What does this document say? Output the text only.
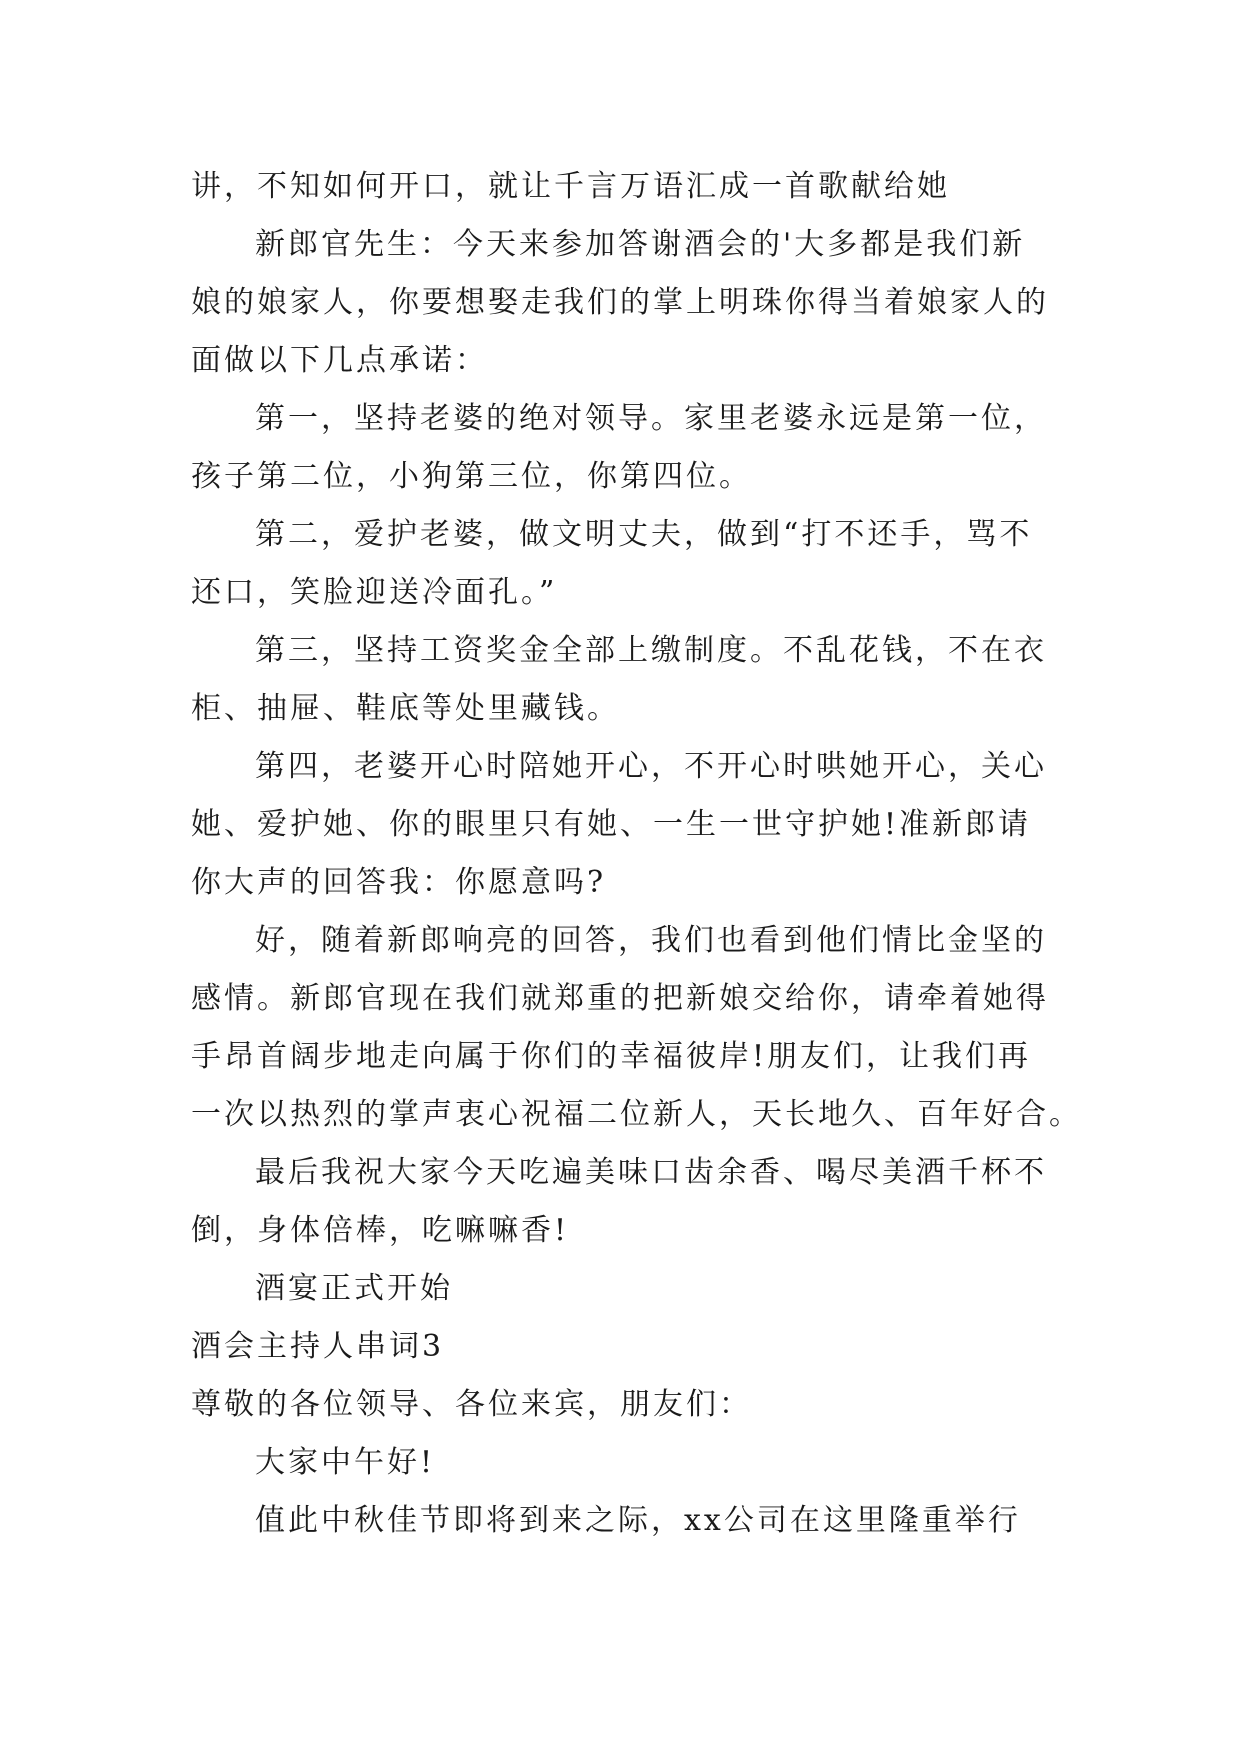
讲，不知如何开口，就让千言万语汇成一首歌献给她

新郎官先生：今天来参加答谢酒会的'大多都是我们新

娘的娘家人，你要想娶走我们的掌上明珠你得当着娘家人的

面做以下几点承诺：

第一，坚持老婆的绝对领导。家里老婆永远是第一位，

孩子第二位，小狗第三位，你第四位。

第二，爱护老婆，做文明丈夫，做到“打不还手，骂不

还口，笑脸迎送冷面孔。”

第三，坚持工资奖金全部上缴制度。不乱花钱，不在衣

柜、抽屉、鞋底等处里藏钱。

第四，老婆开心时陪她开心，不开心时哄她开心，关心

她、爱护她、你的眼里只有她、一生一世守护她!准新郎请

你大声的回答我：你愿意吗?

好，随着新郎响亮的回答，我们也看到他们情比金坚的

感情。新郎官现在我们就郑重的把新娘交给你，请牵着她得

手昂首阔步地走向属于你们的幸福彼岸!朋友们，让我们再

一次以热烈的掌声衷心祝福二位新人，天长地久、百年好合。

最后我祝大家今天吃遍美味口齿余香、喝尽美酒千杯不

倒，身体倍棒，吃嘛嘛香!

酒宴正式开始

酒会主持人串词3

尊敬的各位领导、各位来宾，朋友们：

大家中午好!

值此中秋佳节即将到来之际，xx公司在这里隆重举行
